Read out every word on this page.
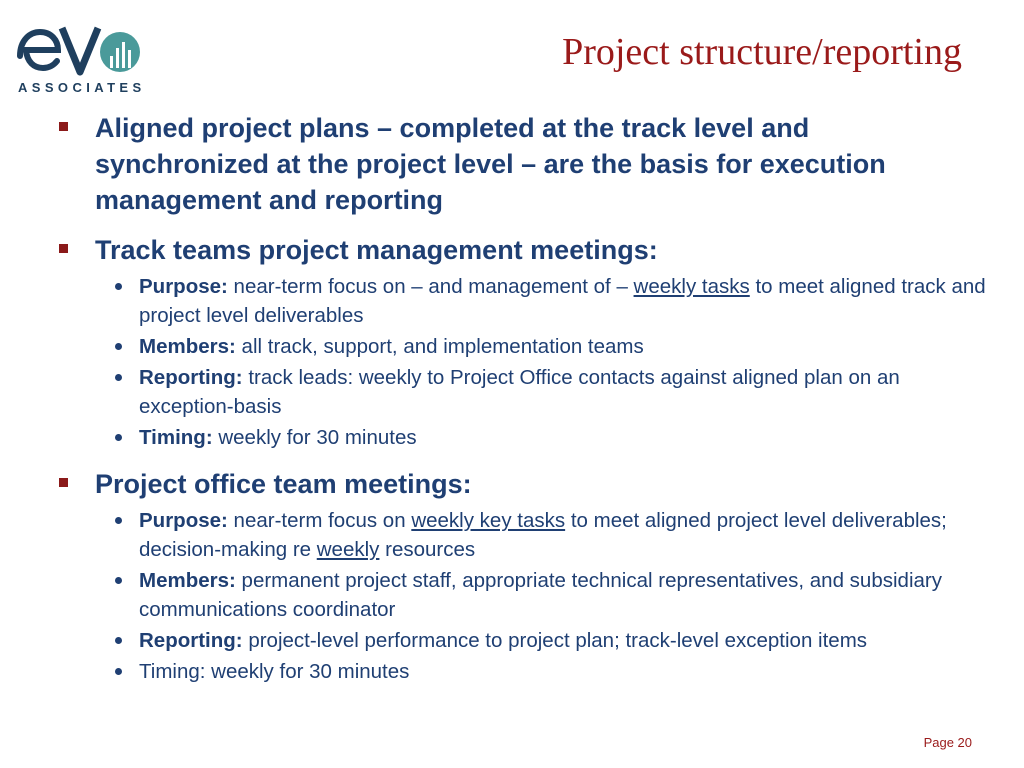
ASSOCIATES
Project structure/reporting
Aligned project plans – completed at the track level and synchronized at the project level – are the basis for execution management and reporting
Track teams project management meetings:
Purpose: near-term focus on – and management of – weekly tasks to meet aligned track and project level deliverables
Members: all track, support, and implementation teams
Reporting: track leads: weekly to Project Office contacts against aligned plan on an exception-basis
Timing: weekly for 30 minutes
Project office team meetings:
Purpose: near-term focus on weekly key tasks to meet aligned project level deliverables; decision-making re weekly resources
Members: permanent project staff, appropriate technical representatives, and subsidiary communications coordinator
Reporting: project-level performance to project plan; track-level exception items
Timing: weekly for 30 minutes
Page 20
